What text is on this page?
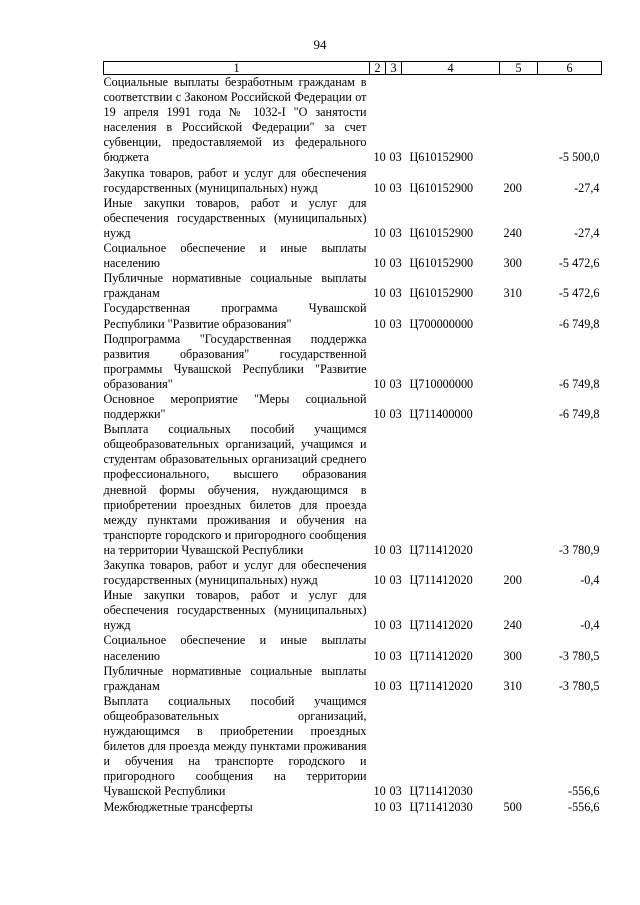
94
1	2	3	4	5	6
Социальные выплаты безработным гражданам в соответствии с Законом Российской Федерации от 19 апреля 1991 года № 1032-I "О занятости населения в Российской Федерации" за счет субвенции, предоставляемой из федерального бюджета	10	03	Ц610152900		-5 500,0
Закупка товаров, работ и услуг для обеспечения государственных (муниципальных) нужд	10	03	Ц610152900	200	-27,4
Иные закупки товаров, работ и услуг для обеспечения государственных (муниципальных) нужд	10	03	Ц610152900	240	-27,4
Социальное обеспечение и иные выплаты населению	10	03	Ц610152900	300	-5 472,6
Публичные нормативные социальные выплаты гражданам	10	03	Ц610152900	310	-5 472,6
Государственная программа Чувашской Республики "Развитие образования"	10	03	Ц700000000		-6 749,8
Подпрограмма "Государственная поддержка развития образования" государственной программы Чувашской Республики "Развитие образования"	10	03	Ц710000000		-6 749,8
Основное мероприятие "Меры социальной поддержки"	10	03	Ц711400000		-6 749,8
Выплата социальных пособий учащимся общеобразовательных организаций, учащимся и студентам образовательных организаций среднего профессионального, высшего образования дневной формы обучения, нуждающимся в приобретении проездных билетов для проезда между пунктами проживания и обучения на транспорте городского и пригородного сообщения на территории Чувашской Республики	10	03	Ц711412020		-3 780,9
Закупка товаров, работ и услуг для обеспечения государственных (муниципальных) нужд	10	03	Ц711412020	200	-0,4
Иные закупки товаров, работ и услуг для обеспечения государственных (муниципальных) нужд	10	03	Ц711412020	240	-0,4
Социальное обеспечение и иные выплаты населению	10	03	Ц711412020	300	-3 780,5
Публичные нормативные социальные выплаты гражданам	10	03	Ц711412020	310	-3 780,5
Выплата социальных пособий учащимся общеобразовательных организаций, нуждающимся в приобретении проездных билетов для проезда между пунктами проживания и обучения на транспорте городского и пригородного сообщения на территории Чувашской Республики	10	03	Ц711412030		-556,6
Межбюджетные трансферты	10	03	Ц711412030	500	-556,6
